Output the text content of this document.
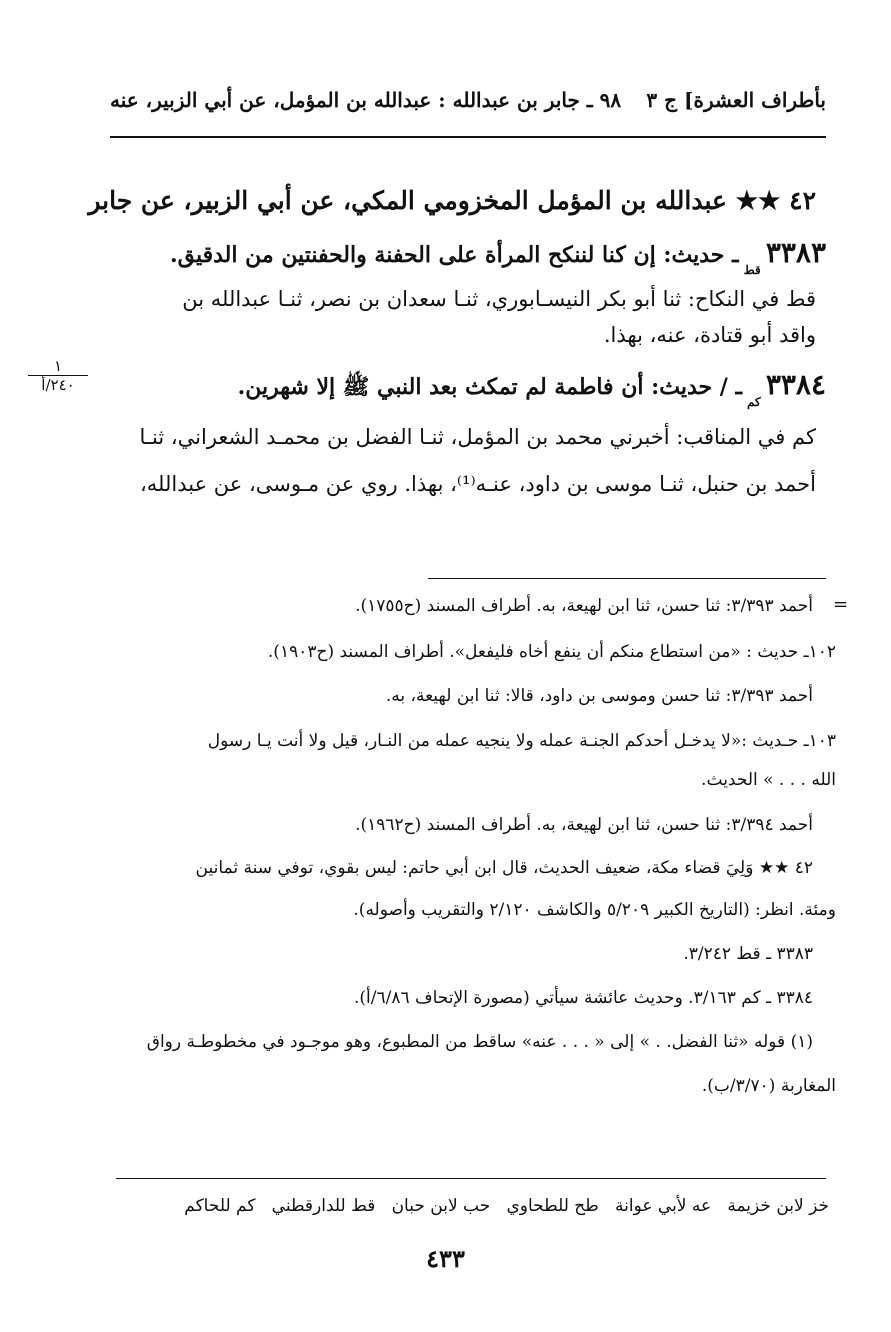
٩٨ ـ جابر بن عبدالله : عبدالله بن المؤمل، عن أبي الزبير، عنه بأطراف العشرة] ج ٣
٤٢ ★★ عبدالله بن المؤمل المخزومي المكي، عن أبي الزبير، عن جابر
٣٣٨٣ $_{قط}$ ـ حديث: إن كنا لننكح المرأة على الحفنة والحفنتين من الدقيق.
قط في النكاح: ثنا أبو بكر النيسـابوري، ثنـا سعدان بن نصر، ثنـا عبدالله بن
واقد أبو قتادة، عنه، بهذا.
١
٢٤٠/أ	٣٣٨٤ $_{كم}$ ـ / حديث: أن فاطمة لم تمكث بعد النبي ﷺ إلا شهرين.
كم في المناقب: أخبرني محمد بن المؤمل، ثنـا الفضل بن محمـد الشعراني، ثنـا
أحمد بن حنبل، ثنـا موسى بن داود، عنـه⁽¹⁾، بهذا. روي عن مـوسى، عن عبدالله،
=
أحمد ٣/٣٩٣: ثنا حسن، ثنا ابن لهيعة، به. أطراف المسند (ح١٧٥٥).
١٠٢ـ حديث : «من استطاع منكم أن ينفع أخاه فليفعل». أطراف المسند (ح١٩٠٣).
أحمد ٣/٣٩٣: ثنا حسن وموسى بن داود، قالا: ثنا ابن لهيعة، به.
١٠٣ـ حـديث :«لا يدخـل أحدكم الجنـة عمله ولا ينجيه عمله من النـار، قيل ولا أنت يـا رسول
الله . . . » الحديث.
أحمد ٣/٣٩٤: ثنا حسن، ثنا ابن لهيعة، به. أطراف المسند (ح١٩٦٢).
٤٢ ★★ وَلِيَ قضاء مكة، ضعيف الحديث، قال ابن أبي حاتم: ليس بقوي، توفي سنة ثمانين
ومئة. انظر: (التاريخ الكبير ٥/٢٠٩ والكاشف ٢/١٢٠ والتقريب وأصوله).
٣٣٨٣ ـ قط ٣/٢٤٢.
٣٣٨٤ ـ كم ٣/١٦٣. وحديث عائشة سيأتي (مصورة الإتحاف ٦/٨٦/أ).
(١) قوله «ثنا الفضل. . » إلى « . . . عنه» ساقط من المطبوع، وهو موجـود في مخطوطـة رواق
المغاربة (٣/٧٠/ب).
خز لابن خزيمة   عه لأبي عوانة   طح للطحاوي   حب لابن حبان   قط للدارقطني   كم للحاكم
٤٣٣
